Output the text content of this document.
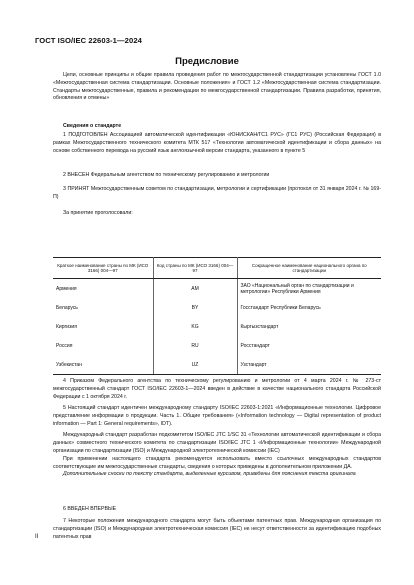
ГОСТ ISO/IEC 22603-1—2024
Предисловие

Цели, основные принципы и общие правила проведения работ по межгосударственной стандартизации установлены ГОСТ 1.0 «Межгосударственная система стандартизации. Основные положения» и ГОСТ 1.2 «Межгосударственная система стандартизации. Стандарты межгосударственные, правила и рекомендации по межгосударственной стандартизации. Правила разработки, принятия, обновления и отмены»

Сведения о стандарте

1 ПОДГОТОВЛЕН Ассоциацией автоматической идентификации «ЮНИСКАН/ГС1 РУС» (ГС1 РУС) (Российская Федерация) в рамках Межгосударственного технического комитета МТК 517 «Технологии автоматической идентификации и сбора данных» на основе собственного перевода на русский язык англоязычной версии стандарта, указанного в пункте 5

2 ВНЕСЕН Федеральным агентством по техническому регулированию и метрологии

3 ПРИНЯТ Межгосударственным советом по стандартизации, метрологии и сертификации (протокол от 31 января 2024 г. № 169-П)

За принятие проголосовали:

Краткое наименование страны по МК (ИСО 3166) 004—97	Код страны по МК (ИСО 3166) 004—97	Сокращенное наименование национального органа по стандартизации
Армения	AM	ЗАО «Национальный орган по стандартизации и метрологии» Республики Армения
Беларусь	BY	Госстандарт Республики Беларусь
Киргизия	KG	Кыргызстандарт
Россия	RU	Росстандарт
Узбекистан	UZ	Узстандарт

4 Приказом Федерального агентства по техническому регулированию и метрологии от 4 марта 2024 г. № 273-ст межгосударственный стандарт ГОСТ ISO/IEC 22603-1—2024 введен в действие в качестве национального стандарта Российской Федерации с 1 октября 2024 г.

5 Настоящий стандарт идентичен международному стандарту ISO/IEC 22603-1:2021 «Информационные технологии. Цифровое представление информации о продукции. Часть 1. Общие требования» («Information technology — Digital representation of product information — Part 1: General requirements», IDT).

Международный стандарт разработан подкомитетом ISO/IEC JTC 1/SC 31 «Технологии автоматической идентификации и сбора данных» совместного технического комитета по стандартизации ISO/IEC JTC 1 «Информационные технологии» Международной организации по стандартизации (ISO) и Международной электротехнической комиссии (IEC)

При применении настоящего стандарта рекомендуется использовать вместо ссылочных международных стандартов соответствующие им межгосударственные стандарты, сведения о которых приведены в дополнительном приложении ДА.

Дополнительные сноски по тексту стандарта, выделенные курсивом, приведены для пояснения текста оригинала

6 ВВЕДЕН ВПЕРВЫЕ

7 Некоторые положения международного стандарта могут быть объектами патентных прав. Международная организация по стандартизации (ISO) и Международная электротехническая комиссия (IEC) не несут ответственности за идентификацию подобных патентных прав

II
